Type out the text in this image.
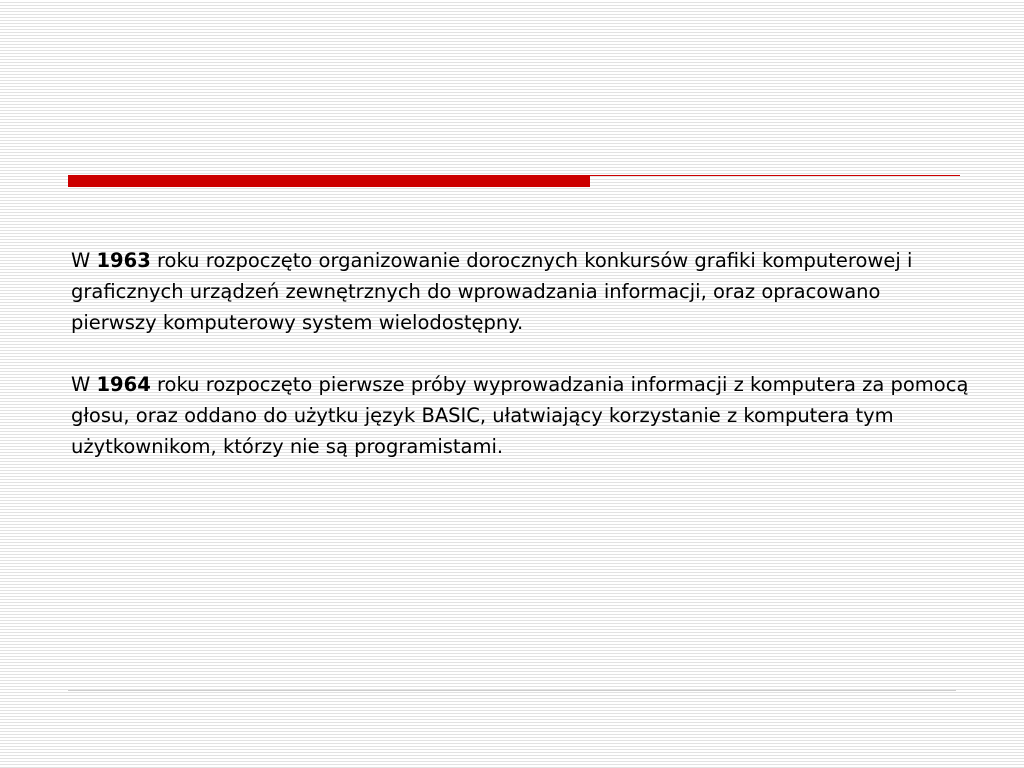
W 1963 roku rozpoczęto organizowanie dorocznych konkursów grafiki komputerowej i graficznych urządzeń zewnętrznych do wprowadzania informacji, oraz opracowano pierwszy komputerowy system wielodostępny.

W 1964 roku rozpoczęto pierwsze próby wyprowadzania informacji z komputera za pomocą głosu, oraz oddano do użytku język BASIC, ułatwiający korzystanie z komputera tym użytkownikom, którzy nie są programistami.
